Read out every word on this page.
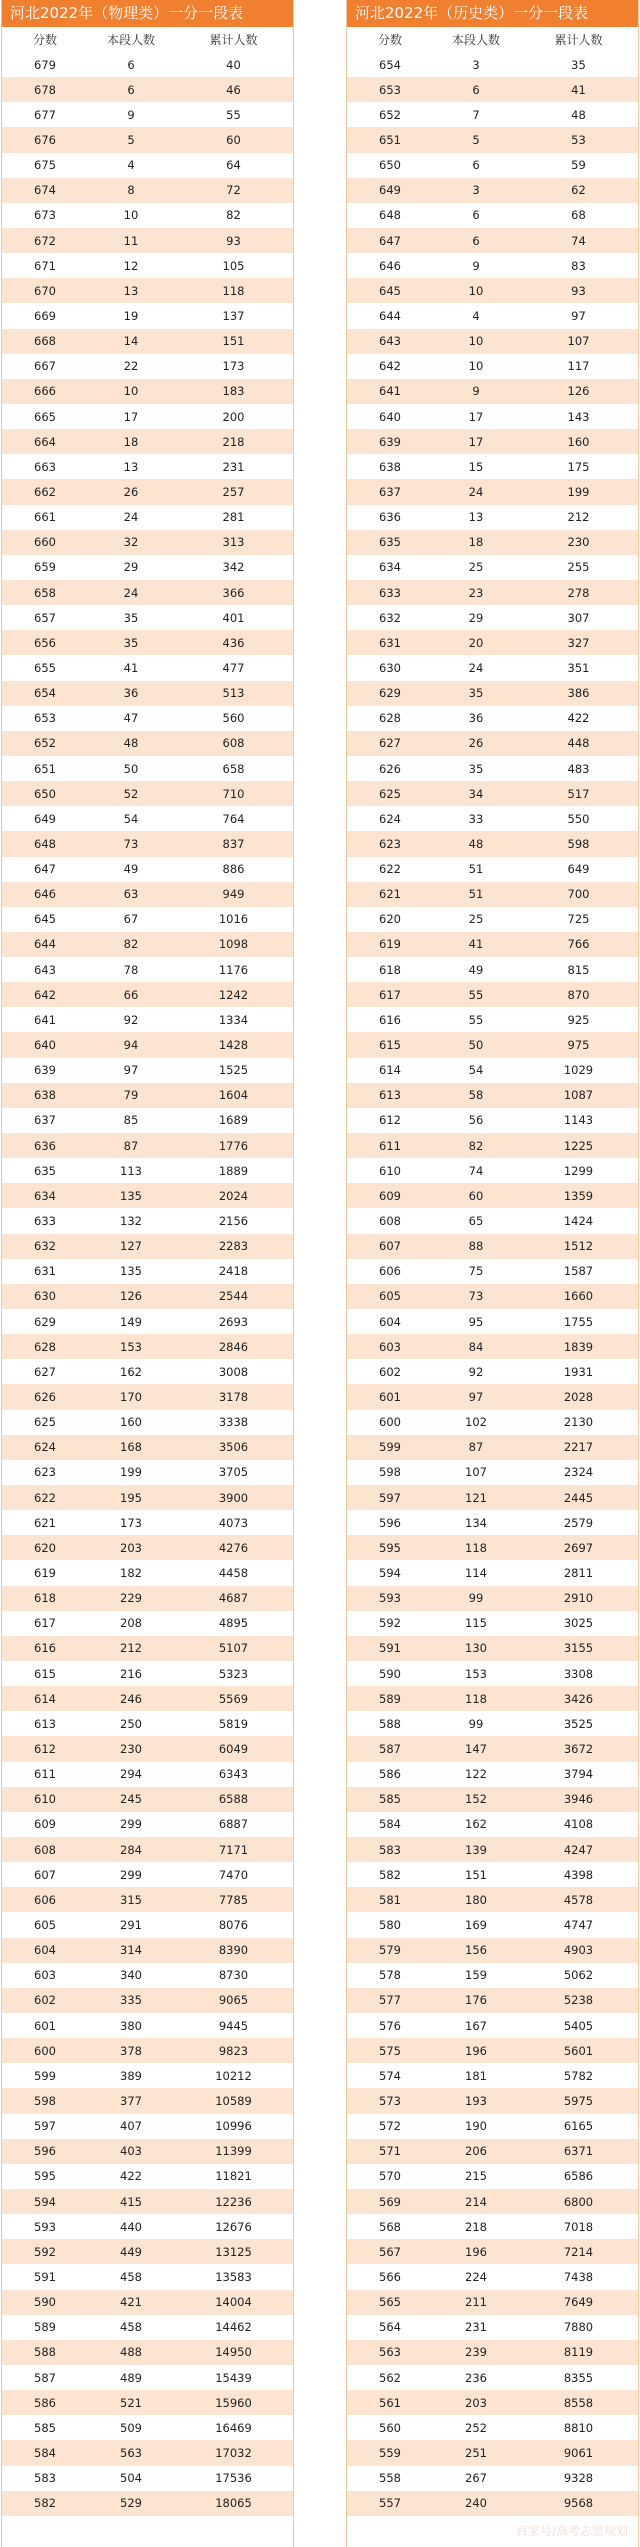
河北2022年（物理类）一分一段表
分数	本段人数	累计人数
679	6	40
678	6	46
677	9	55
676	5	60
675	4	64
674	8	72
673	10	82
672	11	93
671	12	105
670	13	118
669	19	137
668	14	151
667	22	173
666	10	183
665	17	200
664	18	218
663	13	231
662	26	257
661	24	281
660	32	313
659	29	342
658	24	366
657	35	401
656	35	436
655	41	477
654	36	513
653	47	560
652	48	608
651	50	658
650	52	710
649	54	764
648	73	837
647	49	886
646	63	949
645	67	1016
644	82	1098
643	78	1176
642	66	1242
641	92	1334
640	94	1428
639	97	1525
638	79	1604
637	85	1689
636	87	1776
635	113	1889
634	135	2024
633	132	2156
632	127	2283
631	135	2418
630	126	2544
629	149	2693
628	153	2846
627	162	3008
626	170	3178
625	160	3338
624	168	3506
623	199	3705
622	195	3900
621	173	4073
620	203	4276
619	182	4458
618	229	4687
617	208	4895
616	212	5107
615	216	5323
614	246	5569
613	250	5819
612	230	6049
611	294	6343
610	245	6588
609	299	6887
608	284	7171
607	299	7470
606	315	7785
605	291	8076
604	314	8390
603	340	8730
602	335	9065
601	380	9445
600	378	9823
599	389	10212
598	377	10589
597	407	10996
596	403	11399
595	422	11821
594	415	12236
593	440	12676
592	449	13125
591	458	13583
590	421	14004
589	458	14462
588	488	14950
587	489	15439
586	521	15960
585	509	16469
584	563	17032
583	504	17536
582	529	18065
河北2022年（历史类）一分一段表
分数	本段人数	累计人数
654	3	35
653	6	41
652	7	48
651	5	53
650	6	59
649	3	62
648	6	68
647	6	74
646	9	83
645	10	93
644	4	97
643	10	107
642	10	117
641	9	126
640	17	143
639	17	160
638	15	175
637	24	199
636	13	212
635	18	230
634	25	255
633	23	278
632	29	307
631	20	327
630	24	351
629	35	386
628	36	422
627	26	448
626	35	483
625	34	517
624	33	550
623	48	598
622	51	649
621	51	700
620	25	725
619	41	766
618	49	815
617	55	870
616	55	925
615	50	975
614	54	1029
613	58	1087
612	56	1143
611	82	1225
610	74	1299
609	60	1359
608	65	1424
607	88	1512
606	75	1587
605	73	1660
604	95	1755
603	84	1839
602	92	1931
601	97	2028
600	102	2130
599	87	2217
598	107	2324
597	121	2445
596	134	2579
595	118	2697
594	114	2811
593	99	2910
592	115	3025
591	130	3155
590	153	3308
589	118	3426
588	99	3525
587	147	3672
586	122	3794
585	152	3946
584	162	4108
583	139	4247
582	151	4398
581	180	4578
580	169	4747
579	156	4903
578	159	5062
577	176	5238
576	167	5405
575	196	5601
574	181	5782
573	193	5975
572	190	6165
571	206	6371
570	215	6586
569	214	6800
568	218	7018
567	196	7214
566	224	7438
565	211	7649
564	231	7880
563	239	8119
562	236	8355
561	203	8558
560	252	8810
559	251	9061
558	267	9328
557	240	9568
百家号/高考志愿规划
